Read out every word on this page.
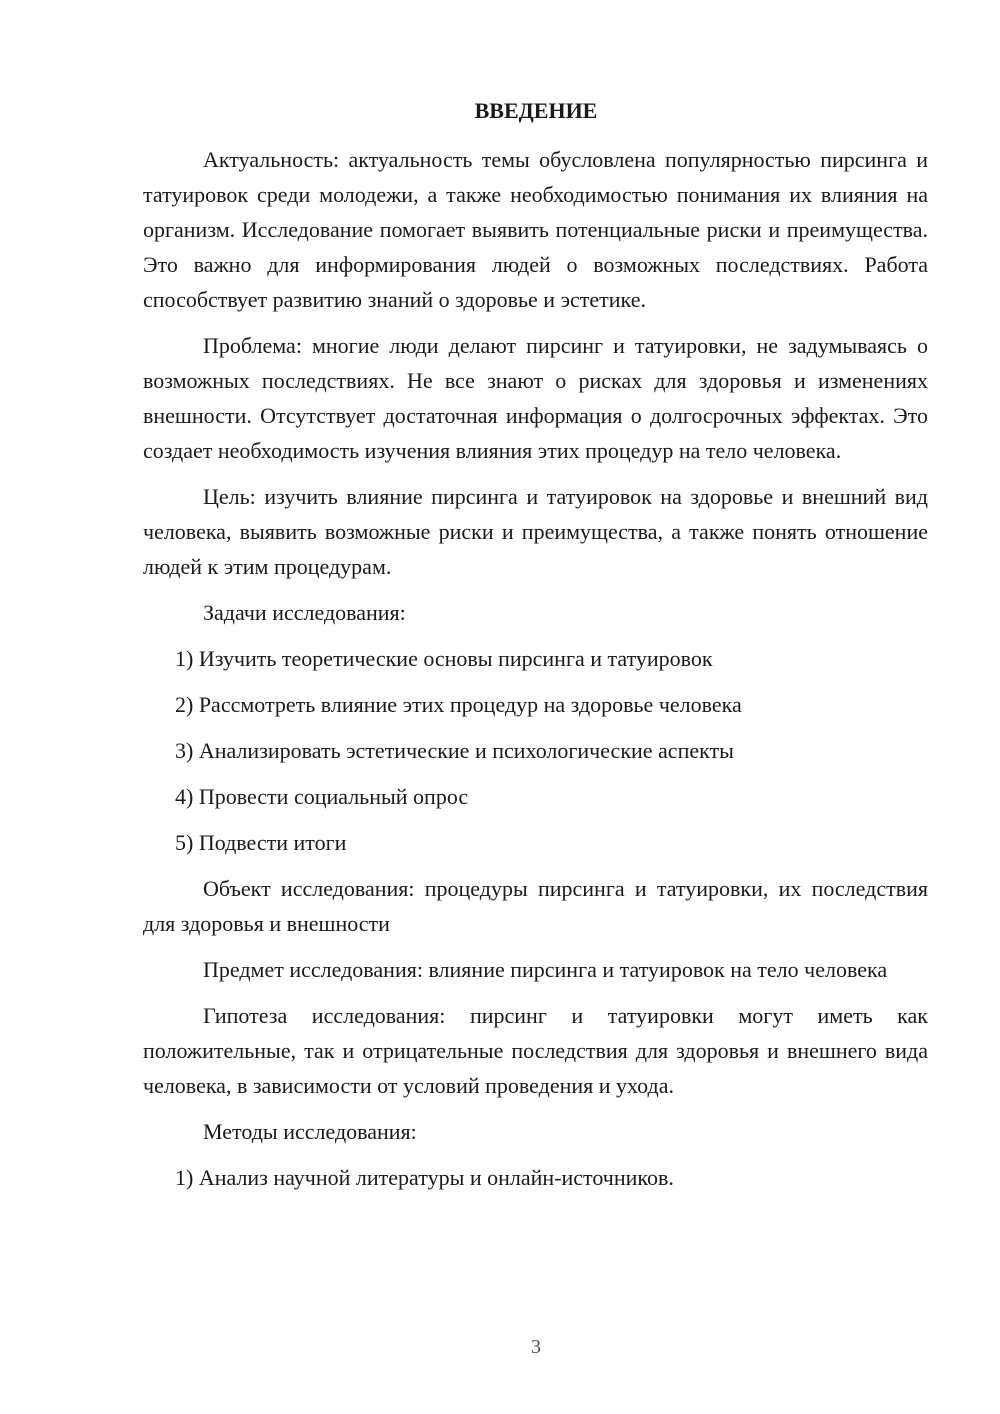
ВВЕДЕНИЕ

Актуальность: актуальность темы обусловлена популярностью пирсинга и татуировок среди молодежи, а также необходимостью понимания их влияния на организм. Исследование помогает выявить потенциальные риски и преимущества. Это важно для информирования людей о возможных последствиях. Работа способствует развитию знаний о здоровье и эстетике.

Проблема: многие люди делают пирсинг и татуировки, не задумываясь о возможных последствиях. Не все знают о рисках для здоровья и изменениях внешности. Отсутствует достаточная информация о долгосрочных эффектах. Это создает необходимость изучения влияния этих процедур на тело человека.

Цель: изучить влияние пирсинга и татуировок на здоровье и внешний вид человека, выявить возможные риски и преимущества, а также понять отношение людей к этим процедурам.

Задачи исследования:

1) Изучить теоретические основы пирсинга и татуировок

2) Рассмотреть влияние этих процедур на здоровье человека

3) Анализировать эстетические и психологические аспекты

4) Провести социальный опрос

5) Подвести итоги

Объект исследования: процедуры пирсинга и татуировки, их последствия для здоровья и внешности

Предмет исследования: влияние пирсинга и татуировок на тело человека

Гипотеза исследования: пирсинг и татуировки могут иметь как положительные, так и отрицательные последствия для здоровья и внешнего вида человека, в зависимости от условий проведения и ухода.

Методы исследования:

1) Анализ научной литературы и онлайн-источников.

3
